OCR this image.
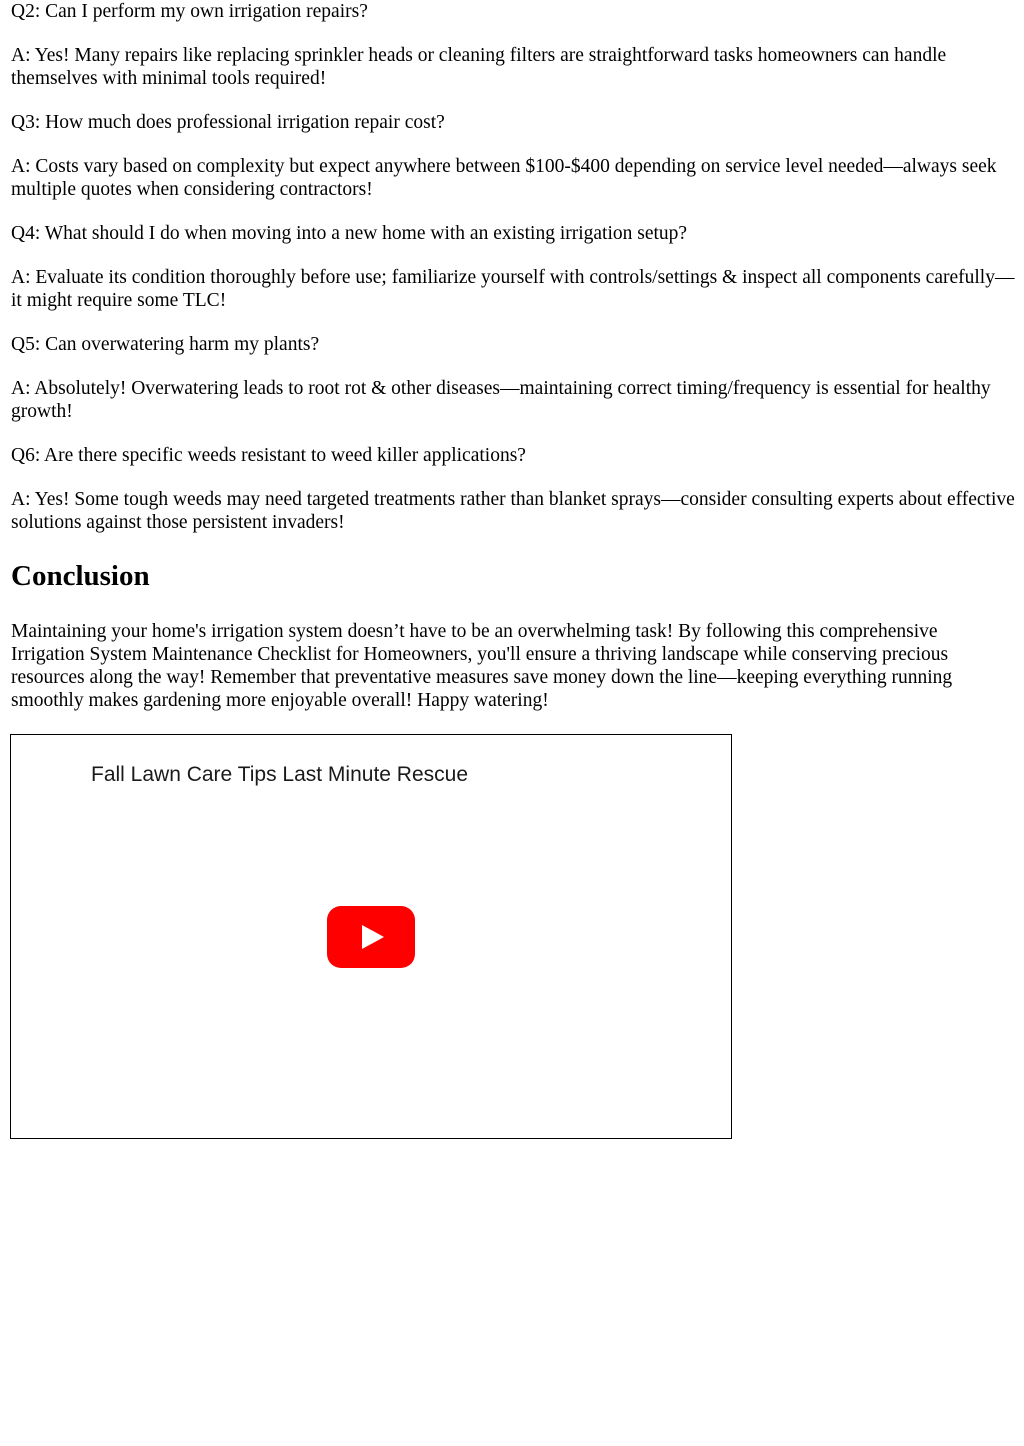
Q2: Can I perform my own irrigation repairs?

A: Yes! Many repairs like replacing sprinkler heads or cleaning filters are straightforward tasks homeowners can handle themselves with minimal tools required!

Q3: How much does professional irrigation repair cost?

A: Costs vary based on complexity but expect anywhere between $100-$400 depending on service level needed—always seek multiple quotes when considering contractors!

Q4: What should I do when moving into a new home with an existing irrigation setup?

A: Evaluate its condition thoroughly before use; familiarize yourself with controls/settings & inspect all components carefully—it might require some TLC!

Q5: Can overwatering harm my plants?

A: Absolutely! Overwatering leads to root rot & other diseases—maintaining correct timing/frequency is essential for healthy growth!

Q6: Are there specific weeds resistant to weed killer applications?

A: Yes! Some tough weeds may need targeted treatments rather than blanket sprays—consider consulting experts about effective solutions against those persistent invaders!

Conclusion

Maintaining your home's irrigation system doesn’t have to be an overwhelming task! By following this comprehensive Irrigation System Maintenance Checklist for Homeowners, you'll ensure a thriving landscape while conserving precious resources along the way! Remember that preventative measures save money down the line—keeping everything running smoothly makes gardening more enjoyable overall! Happy watering!

Fall Lawn Care Tips Last Minute Rescue
